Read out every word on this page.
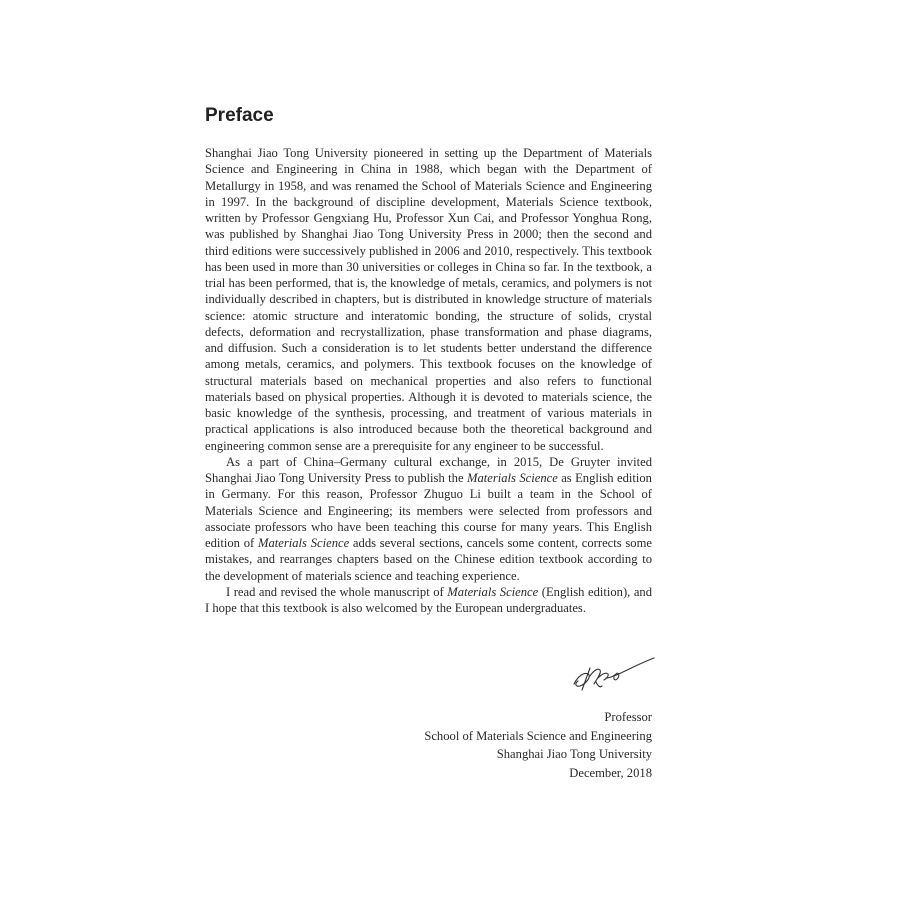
Preface

Shanghai Jiao Tong University pioneered in setting up the Department of Materials Science and Engineering in China in 1988, which began with the Department of Metallurgy in 1958, and was renamed the School of Materials Science and Engineering in 1997. In the background of discipline development, Materials Science textbook, written by Professor Gengxiang Hu, Professor Xun Cai, and Professor Yonghua Rong, was published by Shanghai Jiao Tong University Press in 2000; then the second and third editions were successively published in 2006 and 2010, respectively. This textbook has been used in more than 30 universities or colleges in China so far. In the textbook, a trial has been performed, that is, the knowledge of metals, ceramics, and polymers is not individually described in chapters, but is distributed in knowledge structure of materials science: atomic structure and interatomic bonding, the structure of solids, crystal defects, deformation and recrystallization, phase transformation and phase diagrams, and diffusion. Such a consideration is to let students better understand the difference among metals, ceramics, and polymers. This textbook focuses on the knowledge of structural materials based on mechanical properties and also refers to functional materials based on physical properties. Although it is devoted to materials science, the basic knowledge of the synthesis, processing, and treatment of various materials in practical applications is also introduced because both the theoretical background and engineering common sense are a prerequisite for any engineer to be successful.

As a part of China–Germany cultural exchange, in 2015, De Gruyter invited Shanghai Jiao Tong University Press to publish the Materials Science as English edition in Germany. For this reason, Professor Zhuguo Li built a team in the School of Materials Science and Engineering; its members were selected from professors and associate professors who have been teaching this course for many years. This English edition of Materials Science adds several sections, cancels some content, corrects some mistakes, and rearranges chapters based on the Chinese edition textbook according to the development of materials science and teaching experience.

I read and revised the whole manuscript of Materials Science (English edition), and I hope that this textbook is also welcomed by the European undergraduates.

Professor
School of Materials Science and Engineering
Shanghai Jiao Tong University
December, 2018
